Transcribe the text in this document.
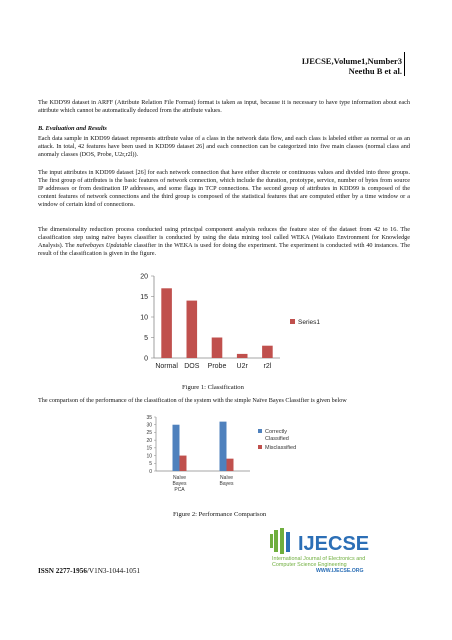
IJECSE,Volume1,Number3
Neethu B et al.

The KDD'99 dataset in ARFF (Attribute Relation File Format) format is taken as input, because it is necessary to have type information about each attribute which cannot be automatically deduced from the attribute values.

B. Evaluation and Results

Each data sample in KDD99 dataset represents attribute value of a class in the network data flow, and each class is labeled either as normal or as an attack. In total, 42 features have been used in KDD99 dataset 26] and each connection can be categorized into five main classes (normal class and anomaly classes (DOS, Probe, U2r,r2l)).

The input attributes in KDD99 dataset [26] for each network connection that have either discrete or continuous values and divided into three groups. The first group of attributes is the basic features of network connection, which include the duration, prototype, service, number of bytes from source IP addresses or from destination IP addresses, and some flags in TCP connections. The second group of attributes in KDD99 is composed of the content features of network connections and the third group is composed of the statistical features that are computed either by a time window or a window of certain kind of connections.

The dimensionality reduction process conducted using principal component analysis reduces the feature size of the dataset from 42 to 16. The classification step using naïve bayes classifier is conducted by using the data mining tool called WEKA (Waikato Environment for Knowledge Analysis). The naïvebayes Updatable classifier in the WEKA is used for doing the experiment. The experiment is conducted with 40 instances. The result of the classification is given in the figure.

0
5
10
15
20
Normal DOS Probe U2r r2l
Series1
Figure 1: Classification

The comparison of the performance of the classification of the system with the simple Naïve Bayes Classifier is given below

0
5
10
15
20
25
30
35
Naïve Bayes PCA
Naïve Bayes
Correctly Classified
Misclassified
Figure 2: Performance Comparison
ISSN 2277-1956/V1N3-1044-1051
IJECSE
International Journal of Electronics and
Computer Science Engineering
WWW.IJECSE.ORG
